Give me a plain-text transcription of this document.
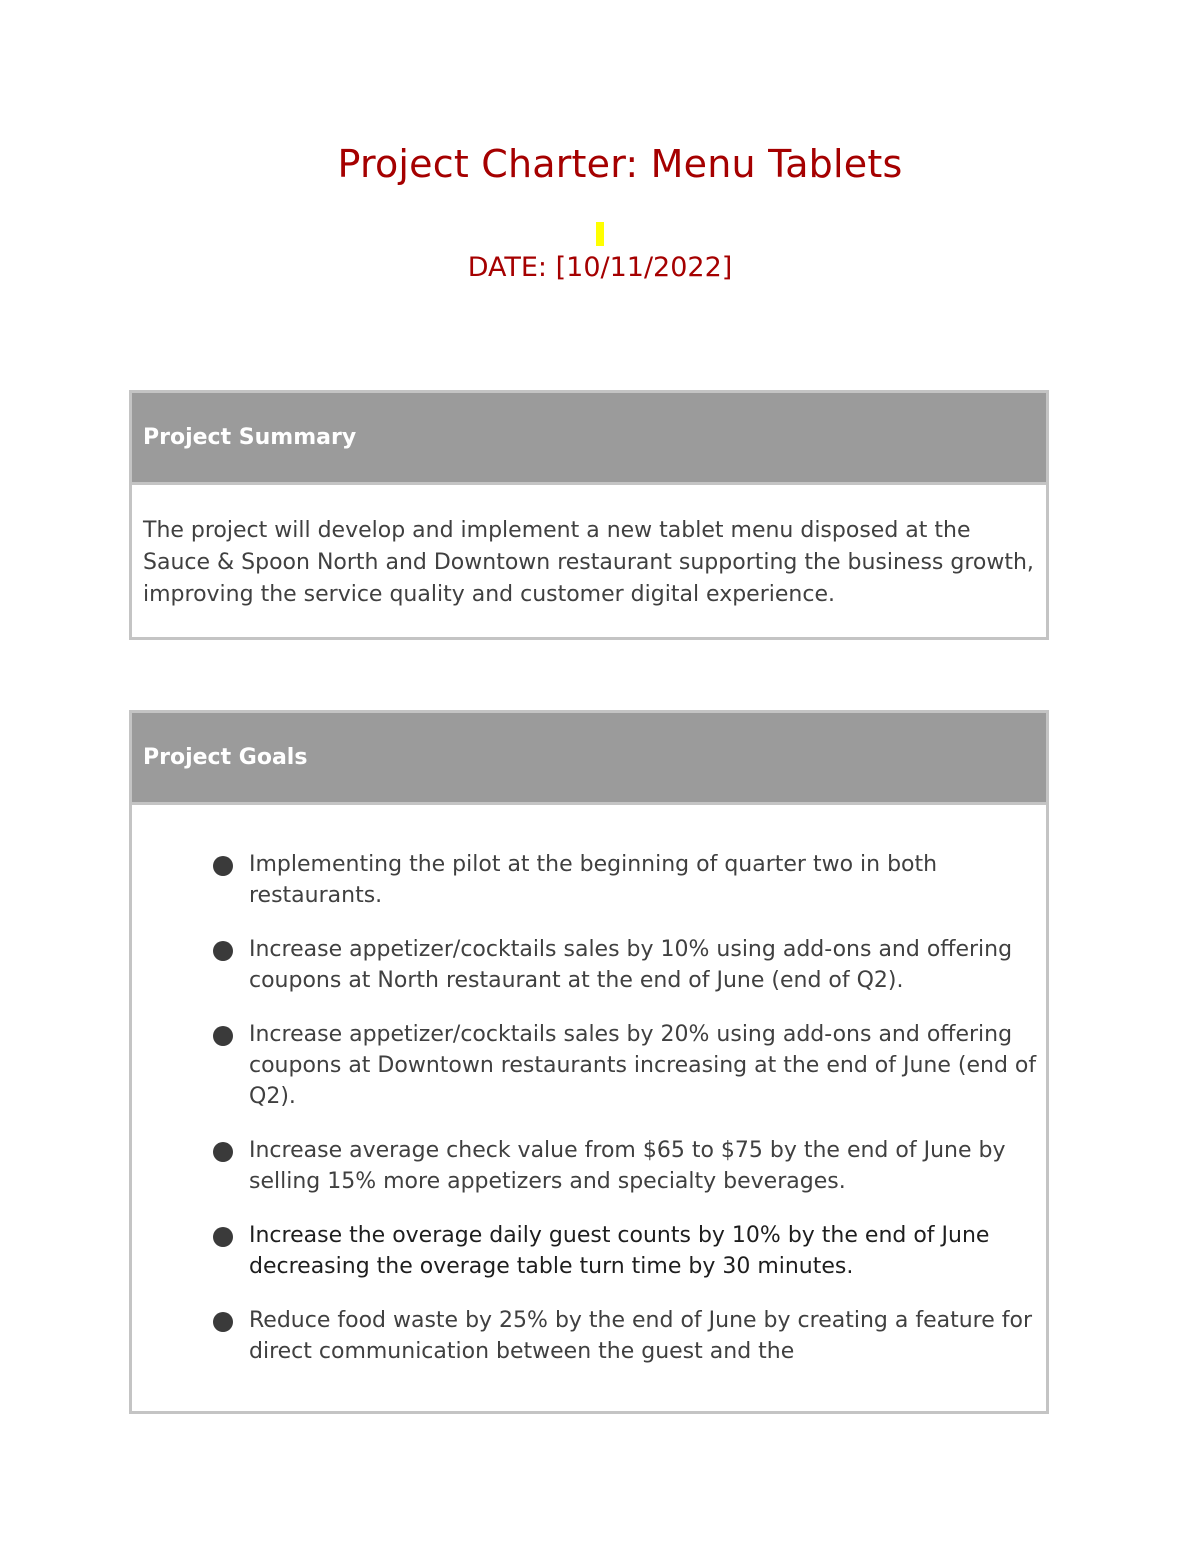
Project Charter: Menu Tablets
DATE: [10/11/2022]
Project Summary

The project will develop and implement a new tablet menu disposed at the Sauce & Spoon North and Downtown restaurant supporting the business growth, improving the service quality and customer digital experience.

Project Goals
Implementing the pilot at the beginning of quarter two in both restaurants.
Increase appetizer/cocktails sales by 10% using add-ons and offering coupons at North restaurant at the end of June (end of Q2).
Increase appetizer/cocktails sales by 20% using add-ons and offering coupons at Downtown restaurants increasing at the end of June (end of Q2).
Increase average check value from $65 to $75 by the end of June by selling 15% more appetizers and specialty beverages.
Increase the overage daily guest counts by 10% by the end of June decreasing the overage table turn time by 30 minutes.
Reduce food waste by 25% by the end of June by creating a feature for direct communication between the guest and the
